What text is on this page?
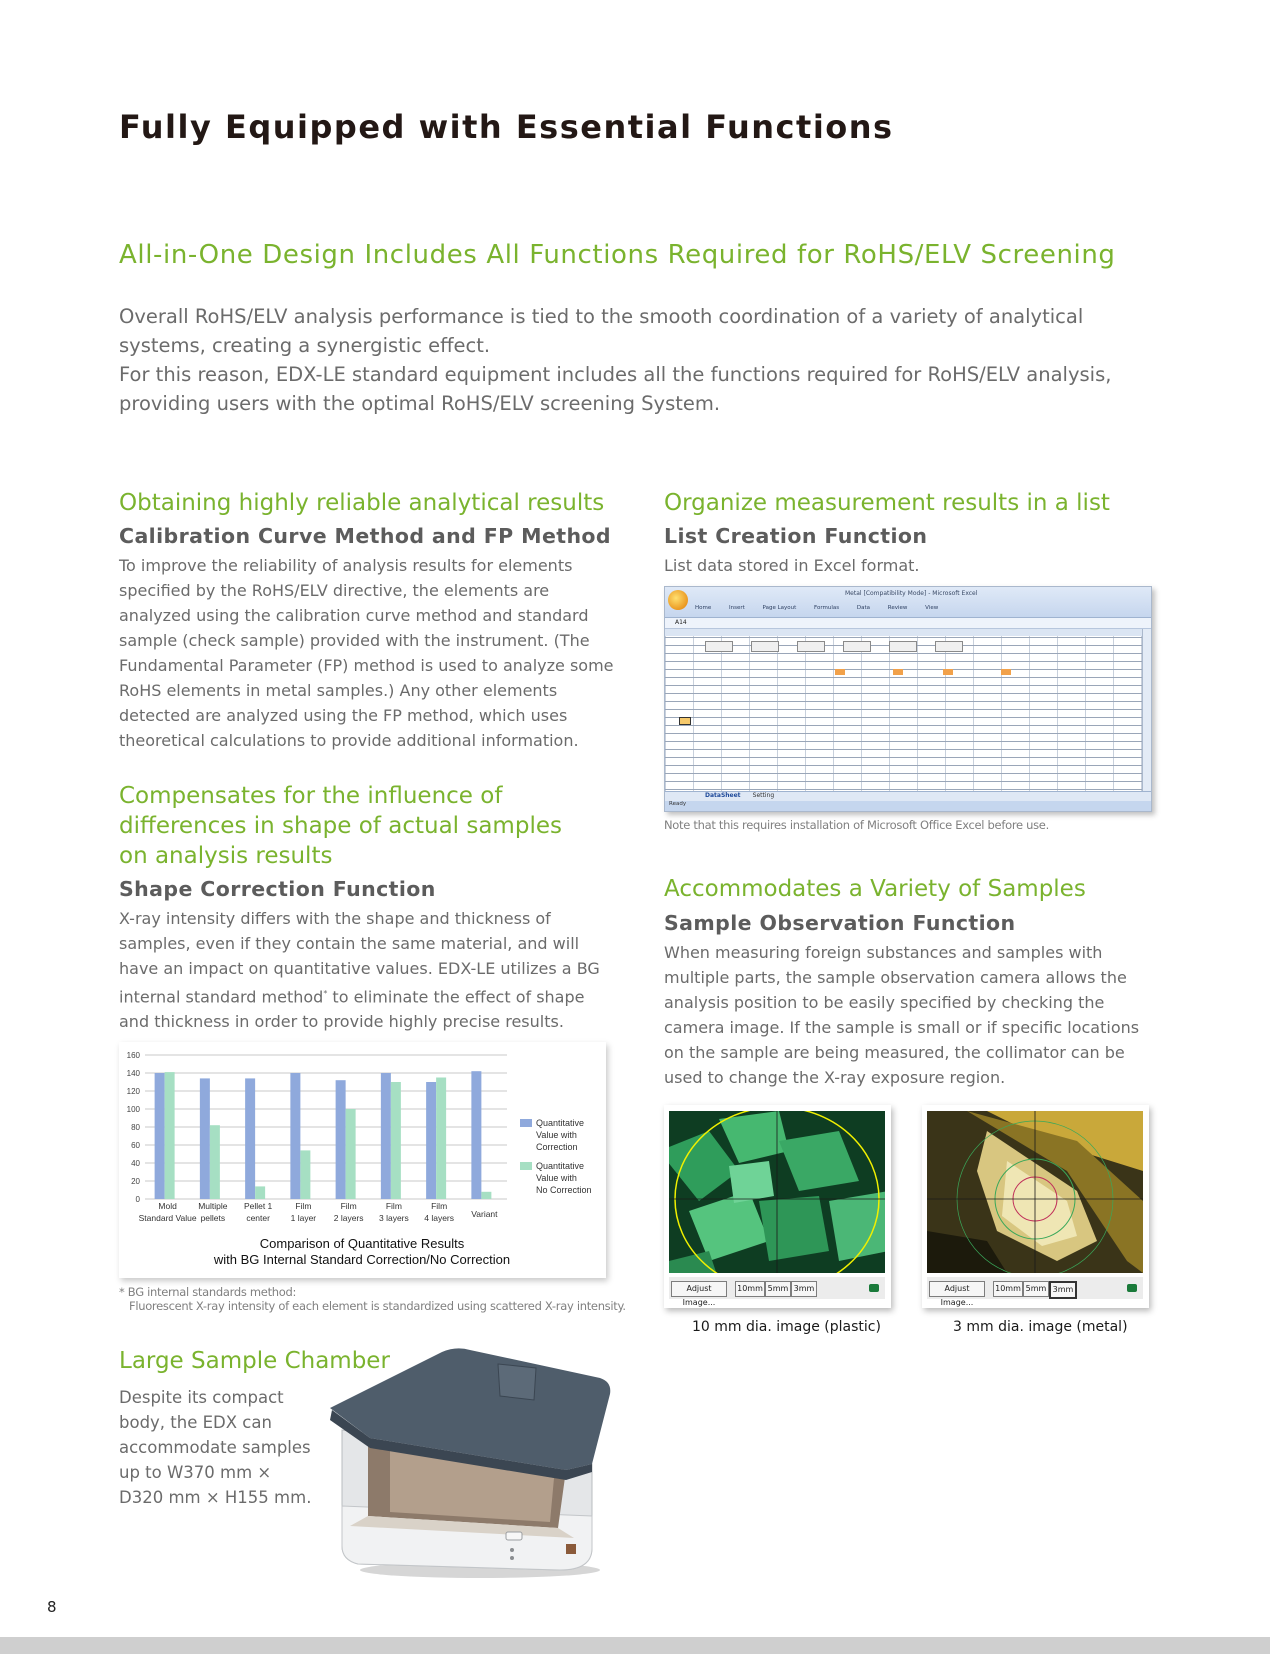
Fully Equipped with Essential Functions
All-in-One Design Includes All Functions Required for RoHS/ELV Screening
Overall RoHS/ELV analysis performance is tied to the smooth coordination of a variety of analytical systems, creating a synergistic effect.
For this reason, EDX-LE standard equipment includes all the functions required for RoHS/ELV analysis, providing users with the optimal RoHS/ELV screening System.
Obtaining highly reliable analytical results
Calibration Curve Method and FP Method
To improve the reliability of analysis results for elements specified by the RoHS/ELV directive, the elements are analyzed using the calibration curve method and standard sample (check sample) provided with the instrument. (The Fundamental Parameter (FP) method is used to analyze some RoHS elements in metal samples.) Any other elements detected are analyzed using the FP method, which uses theoretical calculations to provide additional information.
Compensates for the influence of
differences in shape of actual samples
on analysis results
Shape Correction Function
X-ray intensity differs with the shape and thickness of samples, even if they contain the same material, and will have an impact on quantitative values. EDX-LE utilizes a BG internal standard method* to eliminate the effect of shape and thickness in order to provide highly precise results.
0
20
40
60
80
100
120
140
160
Mold
Standard Value
Multiple
pellets
Pellet 1
center
Film
1 layer
Film
2 layers
Film
3 layers
Film
4 layers Variant
Quantitative
Value with
Correction
Quantitative
Value with
No Correction
Comparison of Quantitative Results
with BG Internal Standard Correction/No Correction
* BG internal standards method:
Fluorescent X-ray intensity of each element is standardized using scattered X-ray intensity.
Large Sample Chamber
Despite its compact
body, the EDX can
accommodate samples
up to W370 mm ×
D320 mm × H155 mm.
Organize measurement results in a list
List Creation Function
List data stored in Excel format.
Metal [Compatibility Mode] - Microsoft Excel
Home	Insert	Page Layout	Formulas	Data	Review	View
A14
DataSheet Setting
Ready
Note that this requires installation of Microsoft Office Excel before use.
Accommodates a Variety of Samples
Sample Observation Function
When measuring foreign substances and samples with multiple parts, the sample observation camera allows the analysis position to be easily specified by checking the camera image. If the sample is small or if specific locations on the sample are being measured, the collimator can be used to change the X-ray exposure region.
Adjust Image...
10mm 5mm 3mm
10 mm dia. image (plastic)
Adjust Image...
10mm 5mm 3mm
3 mm dia. image (metal)
8
